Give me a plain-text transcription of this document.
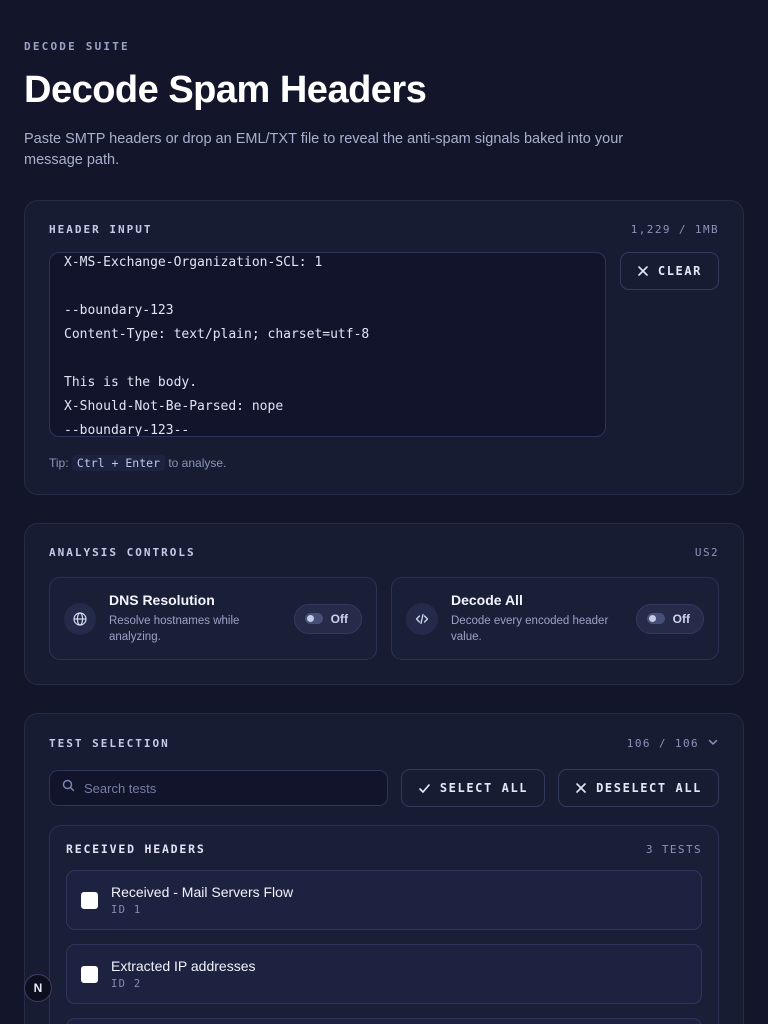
DECODE SUITE
Decode Spam Headers

Paste SMTP headers or drop an EML/TXT file to reveal the anti-spam signals baked into your message path.

HEADER INPUT	1,229 / 1MB
X-MS-Exchange-Organization-SCL: 1 --boundary-123 Content-Type: text/plain; charset=utf-8 This is the body. X-Should-Not-Be-Parsed: nope --boundary-123--
CLEAR
Tip: Ctrl + Enter to analyse.
ANALYSIS CONTROLS	US2
DNS Resolution
Resolve hostnames while analyzing.
Off
Decode All
Decode every encoded header value.
Off
TEST SELECTION	106 / 106
Search tests
SELECT ALL	DESELECT ALL
RECEIVED HEADERS	3 TESTS
Received - Mail Servers Flow
ID 1
Extracted IP addresses
ID 2
N
